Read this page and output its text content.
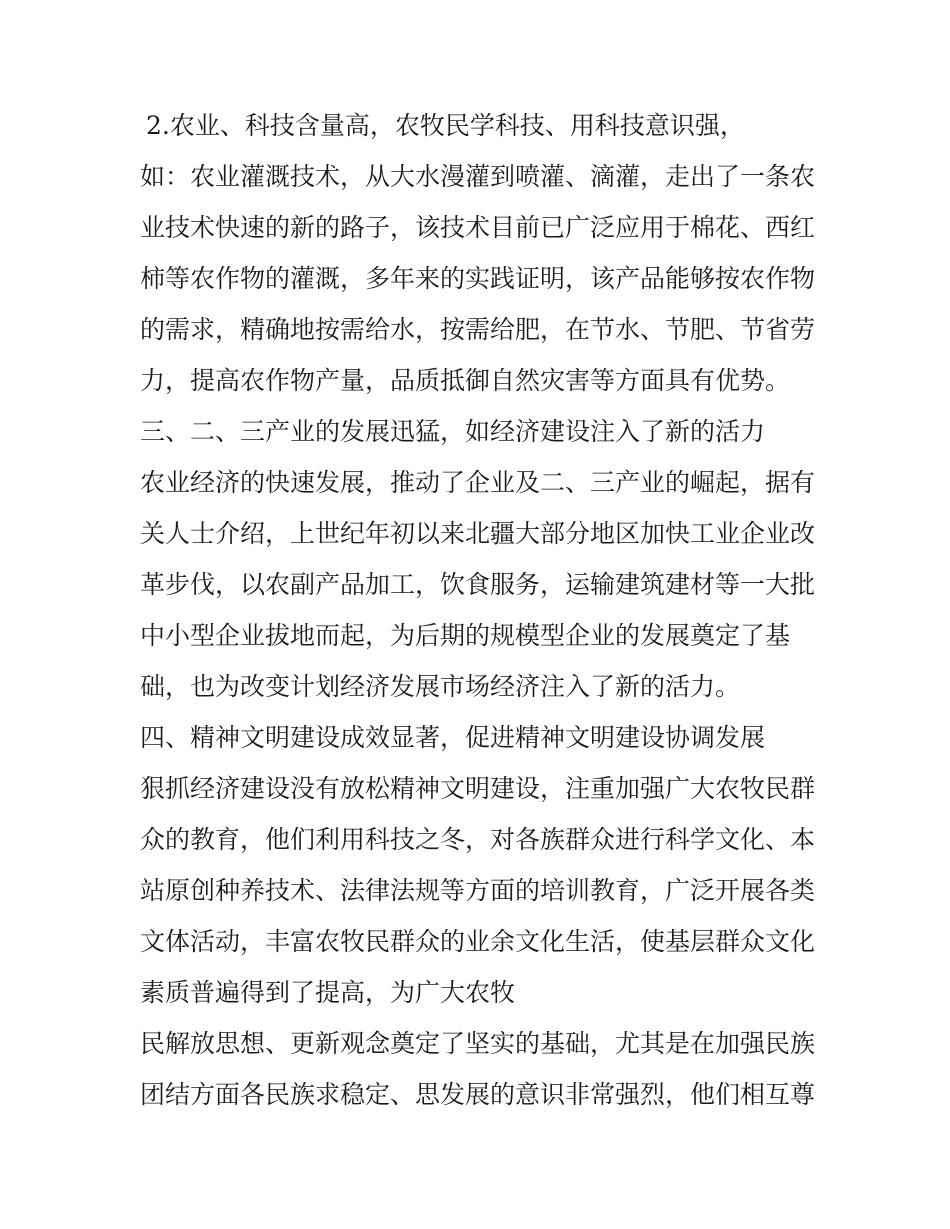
2.农业、科技含量高，农牧民学科技、用科技意识强，
如：农业灌溉技术，从大水漫灌到喷灌、滴灌，走出了一条农
业技术快速的新的路子，该技术目前已广泛应用于棉花、西红
柿等农作物的灌溉，多年来的实践证明，该产品能够按农作物
的需求，精确地按需给水，按需给肥，在节水、节肥、节省劳
力，提高农作物产量，品质抵御自然灾害等方面具有优势。
三、二、三产业的发展迅猛，如经济建设注入了新的活力
农业经济的快速发展，推动了企业及二、三产业的崛起，据有
关人士介绍，上世纪年初以来北疆大部分地区加快工业企业改
革步伐，以农副产品加工，饮食服务，运输建筑建材等一大批
中小型企业拔地而起，为后期的规模型企业的发展奠定了基
础，也为改变计划经济发展市场经济注入了新的活力。
四、精神文明建设成效显著，促进精神文明建设协调发展
狠抓经济建设没有放松精神文明建设，注重加强广大农牧民群
众的教育，他们利用科技之冬，对各族群众进行科学文化、本
站原创种养技术、法律法规等方面的培训教育，广泛开展各类
文体活动，丰富农牧民群众的业余文化生活，使基层群众文化
素质普遍得到了提高，为广大农牧
民解放思想、更新观念奠定了坚实的基础，尤其是在加强民族
团结方面各民族求稳定、思发展的意识非常强烈，他们相互尊
